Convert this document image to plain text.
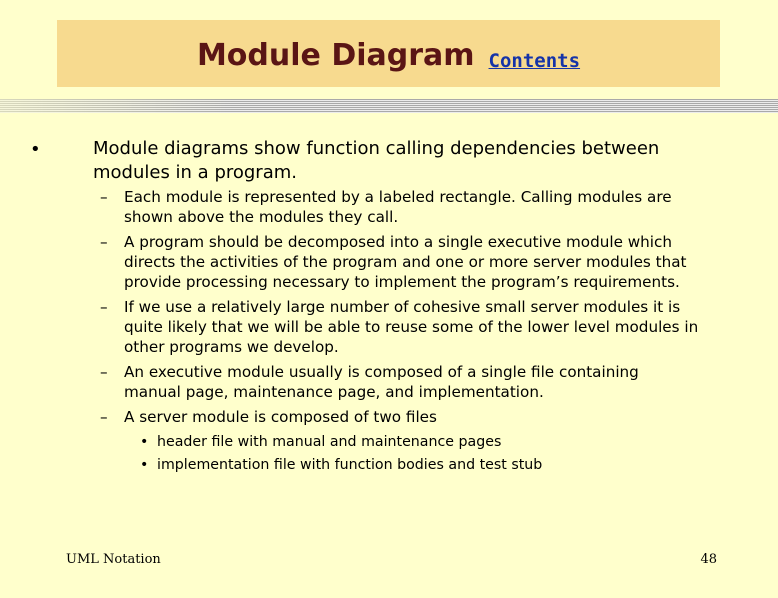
Module Diagram Contents
•	Module diagrams show function calling dependencies between modules in a program.
– Each module is represented by a labeled rectangle. Calling modules are shown above the modules they call.
– A program should be decomposed into a single executive module which directs the activities of the program and one or more server modules that provide processing necessary to implement the program’s requirements.
– If we use a relatively large number of cohesive small server modules it is quite likely that we will be able to reuse some of the lower level modules in other programs we develop.
– An executive module usually is composed of a single file containing manual page, maintenance page, and implementation.
– A server module is composed of two files
• header file with manual and maintenance pages
• implementation file with function bodies and test stub
UML Notation	48
